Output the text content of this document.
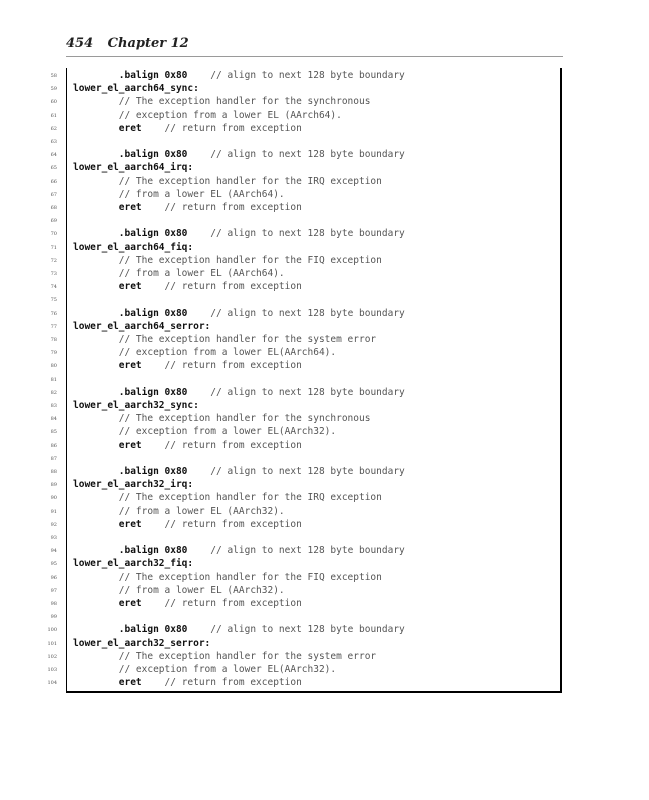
454 Chapter 12
58	.balign 0x80 // align to next 128 byte boundary
59 lower_el_aarch64_sync:
60	// The exception handler for the synchronous
61	// exception from a lower EL (AArch64).
62	eret // return from exception
63
64	.balign 0x80 // align to next 128 byte boundary
65 lower_el_aarch64_irq:
66	// The exception handler for the IRQ exception
67	// from a lower EL (AArch64).
68	eret // return from exception
69
70	.balign 0x80 // align to next 128 byte boundary
71 lower_el_aarch64_fiq:
72	// The exception handler for the FIQ exception
73	// from a lower EL (AArch64).
74	eret // return from exception
75
76	.balign 0x80 // align to next 128 byte boundary
77 lower_el_aarch64_serror:
78	// The exception handler for the system error
79	// exception from a lower EL(AArch64).
80	eret // return from exception
81
82	.balign 0x80 // align to next 128 byte boundary
83 lower_el_aarch32_sync:
84	// The exception handler for the synchronous
85	// exception from a lower EL(AArch32).
86	eret // return from exception
87
88	.balign 0x80 // align to next 128 byte boundary
89 lower_el_aarch32_irq:
90	// The exception handler for the IRQ exception
91	// from a lower EL (AArch32).
92	eret // return from exception
93
94	.balign 0x80 // align to next 128 byte boundary
95 lower_el_aarch32_fiq:
96	// The exception handler for the FIQ exception
97	// from a lower EL (AArch32).
98	eret // return from exception
99
100	.balign 0x80 // align to next 128 byte boundary
101 lower_el_aarch32_serror:
102	// The exception handler for the system error
103	// exception from a lower EL(AArch32).
104	eret // return from exception
